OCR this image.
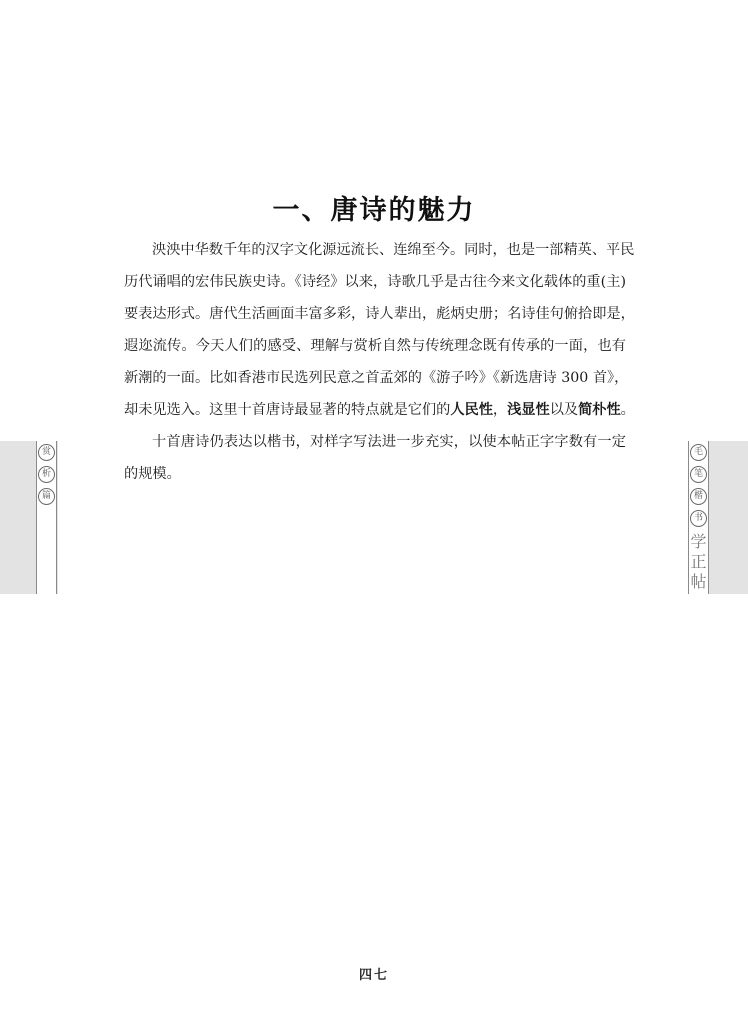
赏
析
篇
毛
笔
楷
书
学
正
帖
一、唐诗的魅力
泱泱中华数千年的汉字文化源远流长、连绵至今。同时，也是一部精英、平民
历代诵唱的宏伟民族史诗。《诗经》以来，诗歌几乎是古往今来文化载体的重(主)
要表达形式。唐代生活画面丰富多彩，诗人辈出，彪炳史册；名诗佳句俯拾即是，
遐迩流传。今天人们的感受、理解与赏析自然与传统理念既有传承的一面，也有
新潮的一面。比如香港市民选列民意之首孟郊的《游子吟》《新选唐诗 300 首》，
却未见选入。这里十首唐诗最显著的特点就是它们的人民性，浅显性以及简朴性。
十首唐诗仍表达以楷书，对样字写法进一步充实，以使本帖正字字数有一定
的规模。
四七
